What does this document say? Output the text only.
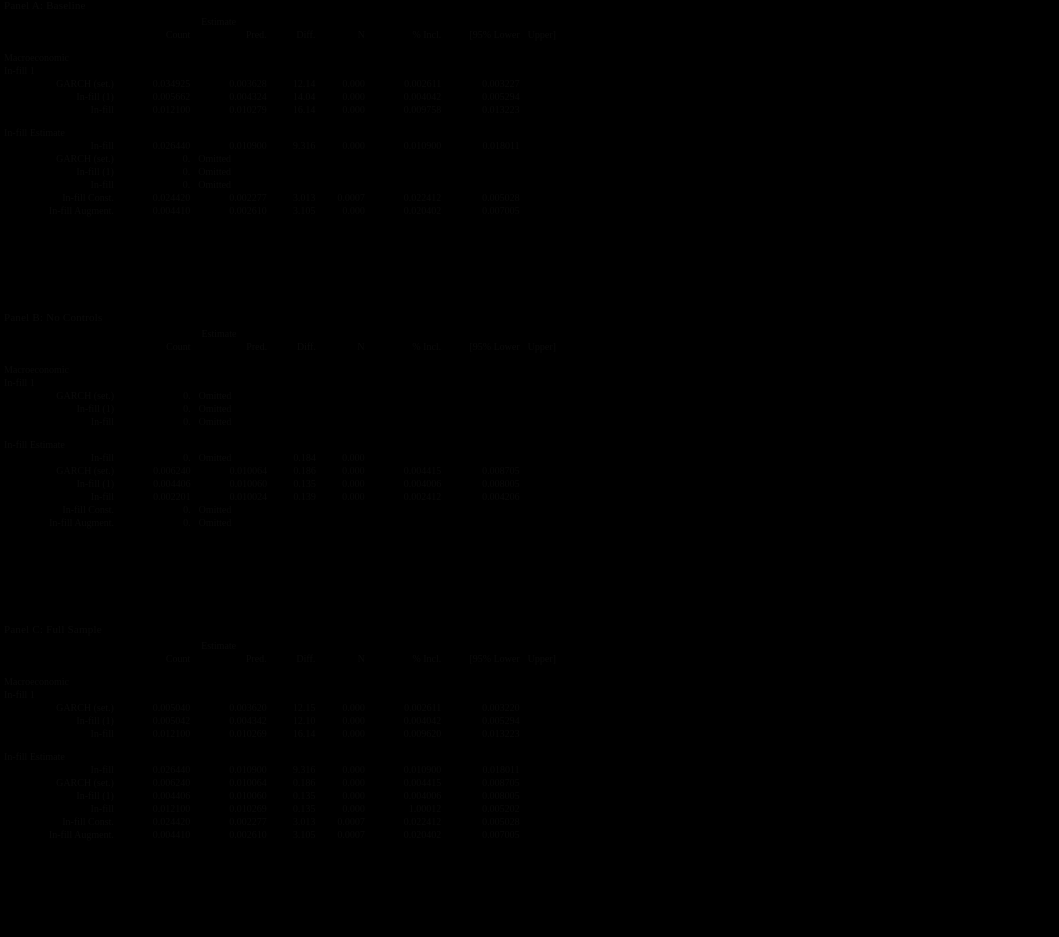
Panel A: Baseline
	Estimate						
	Count	Pred.	Diff.	N	% Incl.	[95% Lower	Upper]

Macroeconomic							
In-fill 1							
GARCH (set.)	0.034925	0.003628	12.14	0.000	0.002611	0.003227	
In-fill (1)	0.005662	0.004324	14.04	0.000	0.004042	0.005294	
In-fill	0.012100	0.010279	16.14	0.000	0.009758	0.013223	

In-fill Estimate							
In-fill	0.026440	0.010900	9.316	0.000	0.010900	0.018011	
GARCH (set.)	0.	Omitted					
In-fill (1)	0.	Omitted					
In-fill	0.	Omitted					
In-fill Const.	0.024420	0.002277	3.013	0.0007	0.022412	0.005028	
In-fill Augment.	0.004410	0.002610	3.105	0.000	0.020402	0.007005	
Panel B: No Controls
	Estimate						
	Count	Pred.	Diff.	N	% Incl.	[95% Lower	Upper]

Macroeconomic							
In-fill 1							
GARCH (set.)	0.	Omitted					
In-fill (1)	0.	Omitted					
In-fill	0.	Omitted					

In-fill Estimate							
In-fill	0.	Omitted	0.184	0.000			
GARCH (set.)	0.006240	0.010064	0.186	0.000	0.004415	0.008705	
In-fill (1)	0.004406	0.010060	0.135	0.000	0.004006	0.008005	
In-fill	0.002201	0.010024	0.139	0.000	0.002412	0.004206	
In-fill Const.	0.	Omitted					
In-fill Augment.	0.	Omitted					
Panel C: Full Sample
	Estimate						
	Count	Pred.	Diff.	N	% Incl.	[95% Lower	Upper]

Macroeconomic							
In-fill 1							
GARCH (set.)	0.005040	0.003620	12.15	0.000	0.002611	0.003220	
In-fill (1)	0.005042	0.004342	12.10	0.000	0.004042	0.005294	
In-fill	0.012100	0.010269	16.14	0.000	0.009620	0.013223	

In-fill Estimate							
In-fill	0.026440	0.010900	9.316	0.000	0.010900	0.018011	
GARCH (set.)	0.006240	0.010064	0.186	0.000	0.004415	0.008705	
In-fill (1)	0.004406	0.010060	0.135	0.000	0.004006	0.008005	
In-fill	0.012100	0.010269	0.135	0.000	1.00012	0.005202	
In-fill Const.	0.024420	0.002277	3.013	0.0007	0.022412	0.005028	
In-fill Augment.	0.004410	0.002610	3.105	0.0007	0.020402	0.007005	
